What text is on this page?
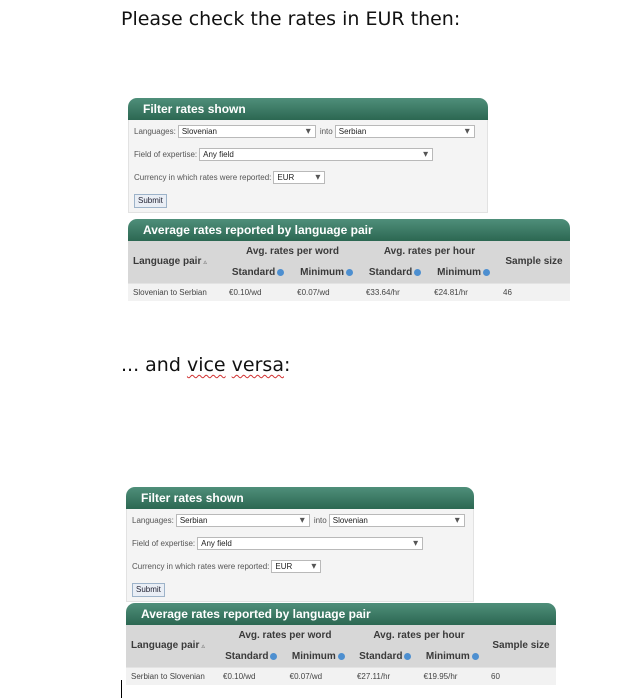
Please check the rates in EUR then:
Filter rates shown
Languages: Slovenian ▾	into Serbian ▾
Field of expertise: Any field ▾
Currency in which rates were reported: EUR ▾
Submit
Average rates reported by language pair
Language pair ▵	Avg. rates per word		Avg. rates per hour		Sample size
	Standard	Minimum	Standard	Minimum	
Slovenian to Serbian	€0.10/wd	€0.07/wd	€33.64/hr	€24.81/hr	46
... and vice versa:
Filter rates shown
Languages: Serbian ▾	into Slovenian ▾
Field of expertise: Any field ▾
Currency in which rates were reported: EUR ▾
Submit
Average rates reported by language pair
Language pair ▵	Avg. rates per word		Avg. rates per hour		Sample size
	Standard	Minimum	Standard	Minimum	
Serbian to Slovenian	€0.10/wd	€0.07/wd	€27.11/hr	€19.95/hr	60
